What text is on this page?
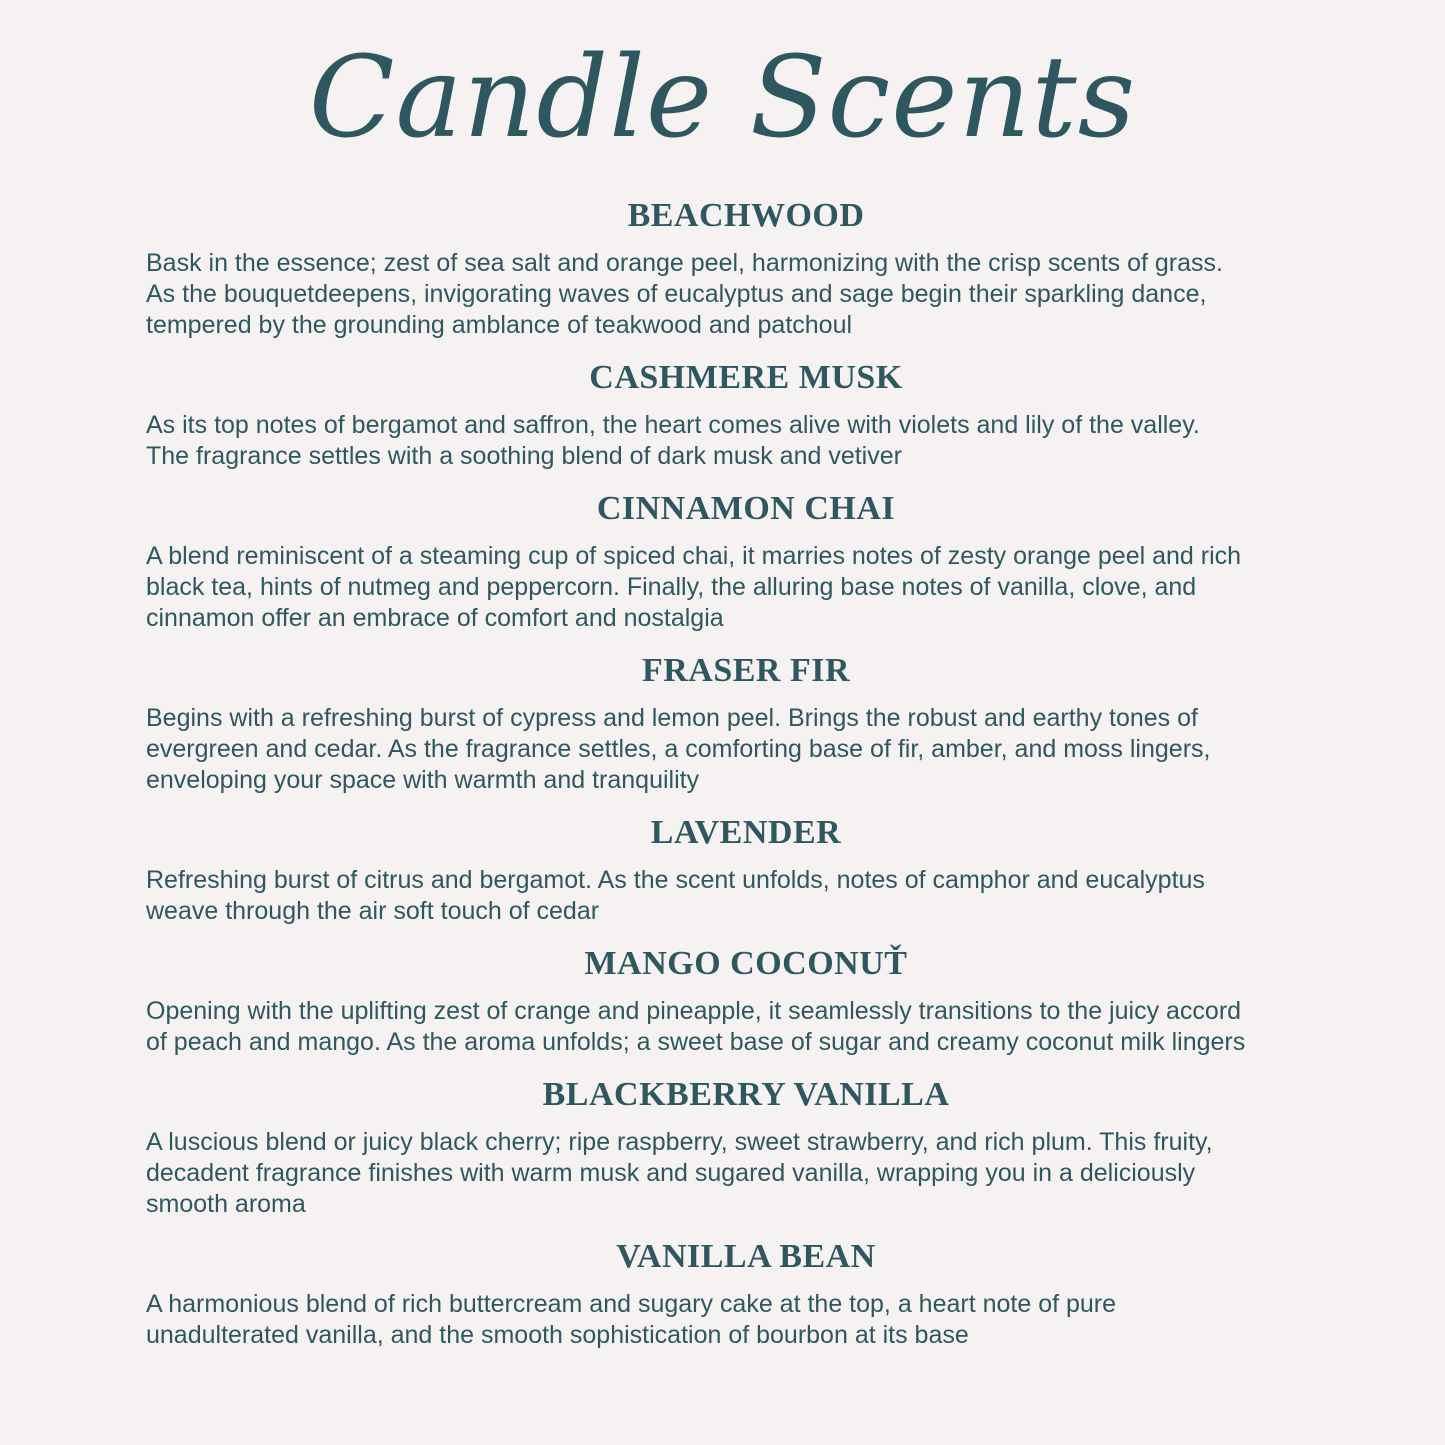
Candle Scents
BEACHWOOD
Bask in the essence; zest of sea salt and orange peel, harmonizing with the crisp scents of grass.
As the bouquetdeepens, invigorating waves of eucalyptus and sage begin their sparkling dance,
tempered by the grounding amblance of teakwood and patchoul
CASHMERE MUSK
As its top notes of bergamot and saffron, the heart comes alive with violets and lily of the valley.
The fragrance settles with a soothing blend of dark musk and vetiver
CINNAMON CHAI
A blend reminiscent of a steaming cup of spiced chai, it marries notes of zesty orange peel and rich
black tea, hints of nutmeg and peppercorn. Finally, the alluring base notes of vanilla, clove, and
cinnamon offer an embrace of comfort and nostalgia
FRASER FIR
Begins with a refreshing burst of cypress and lemon peel. Brings the robust and earthy tones of
evergreen and cedar. As the fragrance settles, a comforting base of fir, amber, and moss lingers,
enveloping your space with warmth and tranquility
LAVENDER
Refreshing burst of citrus and bergamot. As the scent unfolds, notes of camphor and eucalyptus
weave through the air soft touch of cedar
MANGO COCONUŤ
Opening with the uplifting zest of crange and pineapple, it seamlessly transitions to the juicy accord
of peach and mango. As the aroma unfolds; a sweet base of sugar and creamy coconut milk lingers
BLACKBERRY VANILLA
A luscious blend or juicy black cherry; ripe raspberry, sweet strawberry, and rich plum. This fruity,
decadent fragrance finishes with warm musk and sugared vanilla, wrapping you in a deliciously
smooth aroma
VANILLA BEAN
A harmonious blend of rich buttercream and sugary cake at the top, a heart note of pure
unadulterated vanilla, and the smooth sophistication of bourbon at its base
